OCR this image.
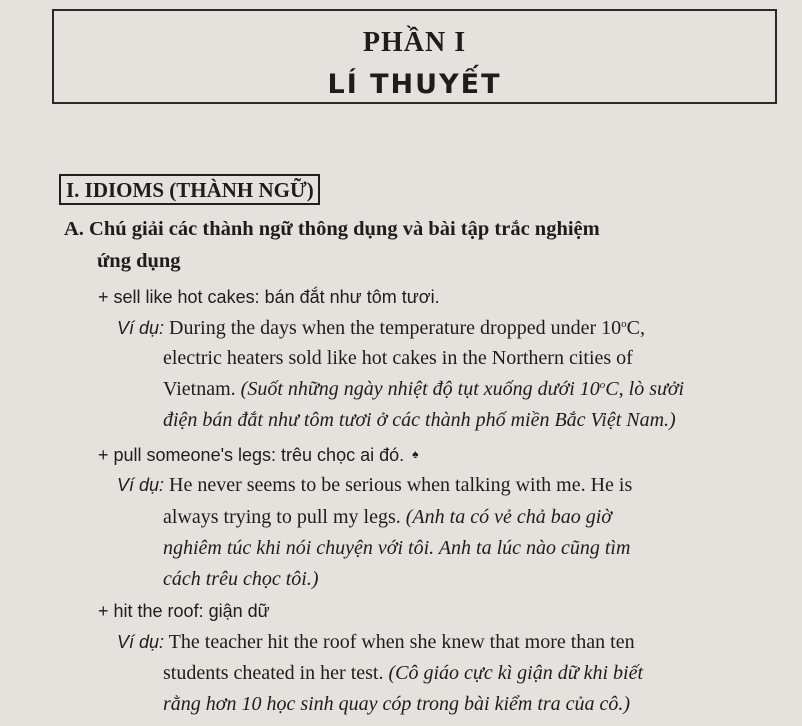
PHẦN I
LÍ THUYẾT
I. IDIOMS (THÀNH NGỮ)
A. Chú giải các thành ngữ thông dụng và bài tập trắc nghiệm
ứng dụng
+ sell like hot cakes: bán đắt như tôm tươi.
Ví dụ: During the days when the temperature dropped under 10$^o$C,
electric heaters sold like hot cakes in the Northern cities of
Vietnam. (Suốt những ngày nhiệt độ tụt xuống dưới 10$^o$C, lò sưởi
điện bán đắt như tôm tươi ở các thành phố miền Bắc Việt Nam.)
+ pull someone's legs: trêu chọc ai đó. ♠
Ví dụ: He never seems to be serious when talking with me. He is
always trying to pull my legs. (Anh ta có vẻ chả bao giờ
nghiêm túc khi nói chuyện với tôi. Anh ta lúc nào cũng tìm
cách trêu chọc tôi.)
+ hit the roof: giận dữ
Ví dụ: The teacher hit the roof when she knew that more than ten
students cheated in her test. (Cô giáo cực kì giận dữ khi biết
rằng hơn 10 học sinh quay cóp trong bài kiểm tra của cô.)
